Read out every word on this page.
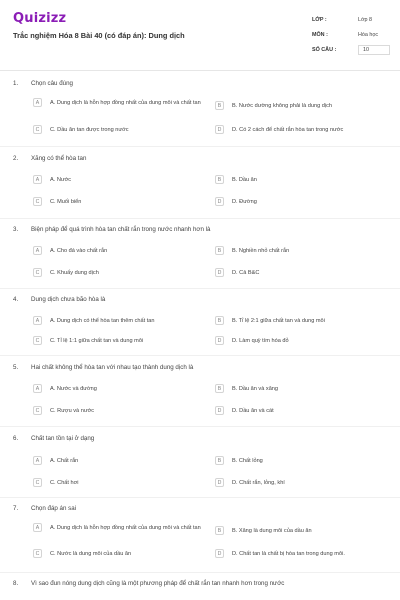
Quizizz
Trắc nghiệm Hóa 8 Bài 40 (có đáp án): Dung dịch
LỚP :	Lớp 8
MÔN :	Hóa học
SỐ CÂU :	10
1.	Chọn câu đúng
A	A. Dung dịch là hỗn hợp đồng nhất của dung môi và chất tan	B	B. Nước dường không phải là dung dịch
C	C. Dầu ăn tan được trong nước	D	D. Có 2 cách để chất rắn hòa tan trong nước
2.	Xăng có thể hòa tan
A	A. Nước	B	B. Dầu ăn
C	C. Muối biển	D	D. Đường
3.	Biện pháp để quá trình hòa tan chất rắn trong nước nhanh hơn là
A	A. Cho đá vào chất rắn	B	B. Nghiền nhỏ chất rắn
C	C. Khuấy dung dịch	D	D. Cả B&C
4.	Dung dịch chưa bão hòa là
A	A. Dung dịch có thể hòa tan thêm chất tan	B	B. Tỉ lệ 2:1 giữa chất tan và dung môi
C	C. Tỉ lệ 1:1 giữa chất tan và dung môi	D	D. Làm quỳ tím hóa đỏ
5.	Hai chất không thể hòa tan với nhau tạo thành dung dịch là
A	A. Nước và đường	B	B. Dầu ăn và xăng
C	C. Rượu và nước	D	D. Dầu ăn và cát
6.	Chất tan tồn tại ở dạng
A	A. Chất rắn	B	B. Chất lỏng
C	C. Chất hơi	D	D. Chất rắn, lỏng, khí
7.	Chọn đáp án sai
A	A. Dung dịch là hỗn hợp đồng nhất của dung môi và chất tan	B	B. Xăng là dung môi của dầu ăn
C	C. Nước là dung môi của dầu ăn	D	D. Chất tan là chất bị hòa tan trong dung môi.
8.	Vì sao đun nóng dung dịch cũng là một phương pháp để chất rắn tan nhanh hơn trong nước
